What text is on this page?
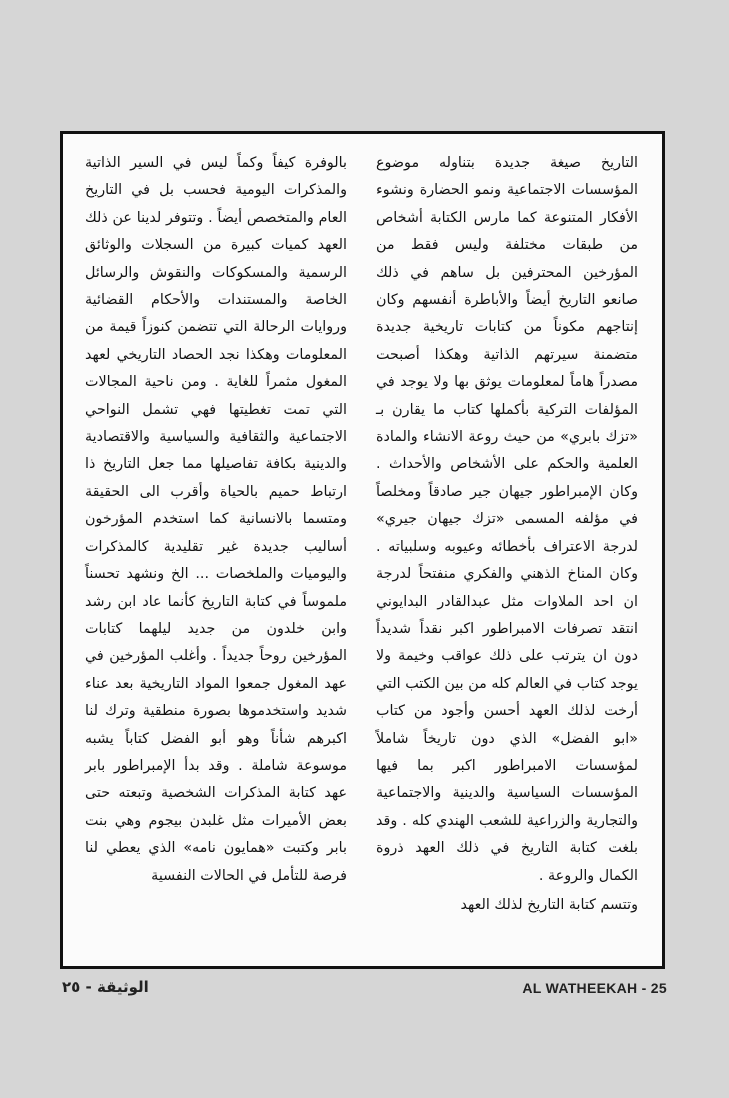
التاريخ صيغة جديدة بتناوله موضوع المؤسسات الاجتماعية ونمو الحضارة ونشوء الأفكار المتنوعة كما مارس الكتابة أشخاص من طبقات مختلفة وليس فقط من المؤرخين المحترفين بل ساهم في ذلك صانعو التاريخ أيضاً والأباطرة أنفسهم وكان إنتاجهم مكوناً من كتابات تاريخية جديدة متضمنة سيرتهم الذاتية وهكذا أصبحت مصدراً هاماً لمعلومات يوثق بها ولا يوجد في المؤلفات التركية بأكملها كتاب ما يقارن بـ «تزك بابري» من حيث روعة الانشاء والمادة العلمية والحكم على الأشخاص والأحداث . وكان الإمبراطور جيهان جير صادقاً ومخلصاً في مؤلفه المسمى «تزك جيهان جيري» لدرجة الاعتراف بأخطائه وعيوبه وسلبياته . وكان المناخ الذهني والفكري منفتحاً لدرجة ان احد الملاوات مثل عبدالقادر البدايوني انتقد تصرفات الامبراطور اكبر نقداً شديداً دون ان يترتب على ذلك عواقب وخيمة ولا يوجد كتاب في العالم كله من بين الكتب التي أرخت لذلك العهد أحسن وأجود من كتاب «ابو الفضل» الذي دون تاريخاً شاملاً لمؤسسات الامبراطور اكبر بما فيها المؤسسات السياسية والدينية والاجتماعية والتجارية والزراعية للشعب الهندي كله . وقد بلغت كتابة التاريخ في ذلك العهد ذروة الكمال والروعة .

وتتسم كتابة التاريخ لذلك العهد

بالوفرة كيفاً وكماً ليس في السير الذاتية والمذكرات اليومية فحسب بل في التاريخ العام والمتخصص أيضاً . وتتوفر لدينا عن ذلك العهد كميات كبيرة من السجلات والوثائق الرسمية والمسكوكات والنقوش والرسائل الخاصة والمستندات والأحكام القضائية وروايات الرحالة التي تتضمن كنوزاً قيمة من المعلومات وهكذا نجد الحصاد التاريخي لعهد المغول مثمراً للغاية . ومن ناحية المجالات التي تمت تغطيتها فهي تشمل النواحي الاجتماعية والثقافية والسياسية والاقتصادية والدينية بكافة تفاصيلها مما جعل التاريخ ذا ارتباط حميم بالحياة وأقرب الى الحقيقة ومتسما بالانسانية كما استخدم المؤرخون أساليب جديدة غير تقليدية كالمذكرات واليوميات والملخصات ... الخ ونشهد تحسناً ملموساً في كتابة التاريخ كأنما عاد ابن رشد وابن خلدون من جديد ليلهما كتابات المؤرخين روحاً جديداً . وأغلب المؤرخين في عهد المغول جمعوا المواد التاريخية بعد عناء شديد واستخدموها بصورة منطقية وترك لنا اكبرهم شأناً وهو أبو الفضل كتاباً يشبه موسوعة شاملة . وقد بدأ الإمبراطور بابر عهد كتابة المذكرات الشخصية وتبعته حتى بعض الأميرات مثل غلبدن بيجوم وهي بنت بابر وكتبت «همايون نامه» الذي يعطي لنا فرصة للتأمل في الحالات النفسية

الوثيقة - ٢٥	AL WATHEEKAH - 25
